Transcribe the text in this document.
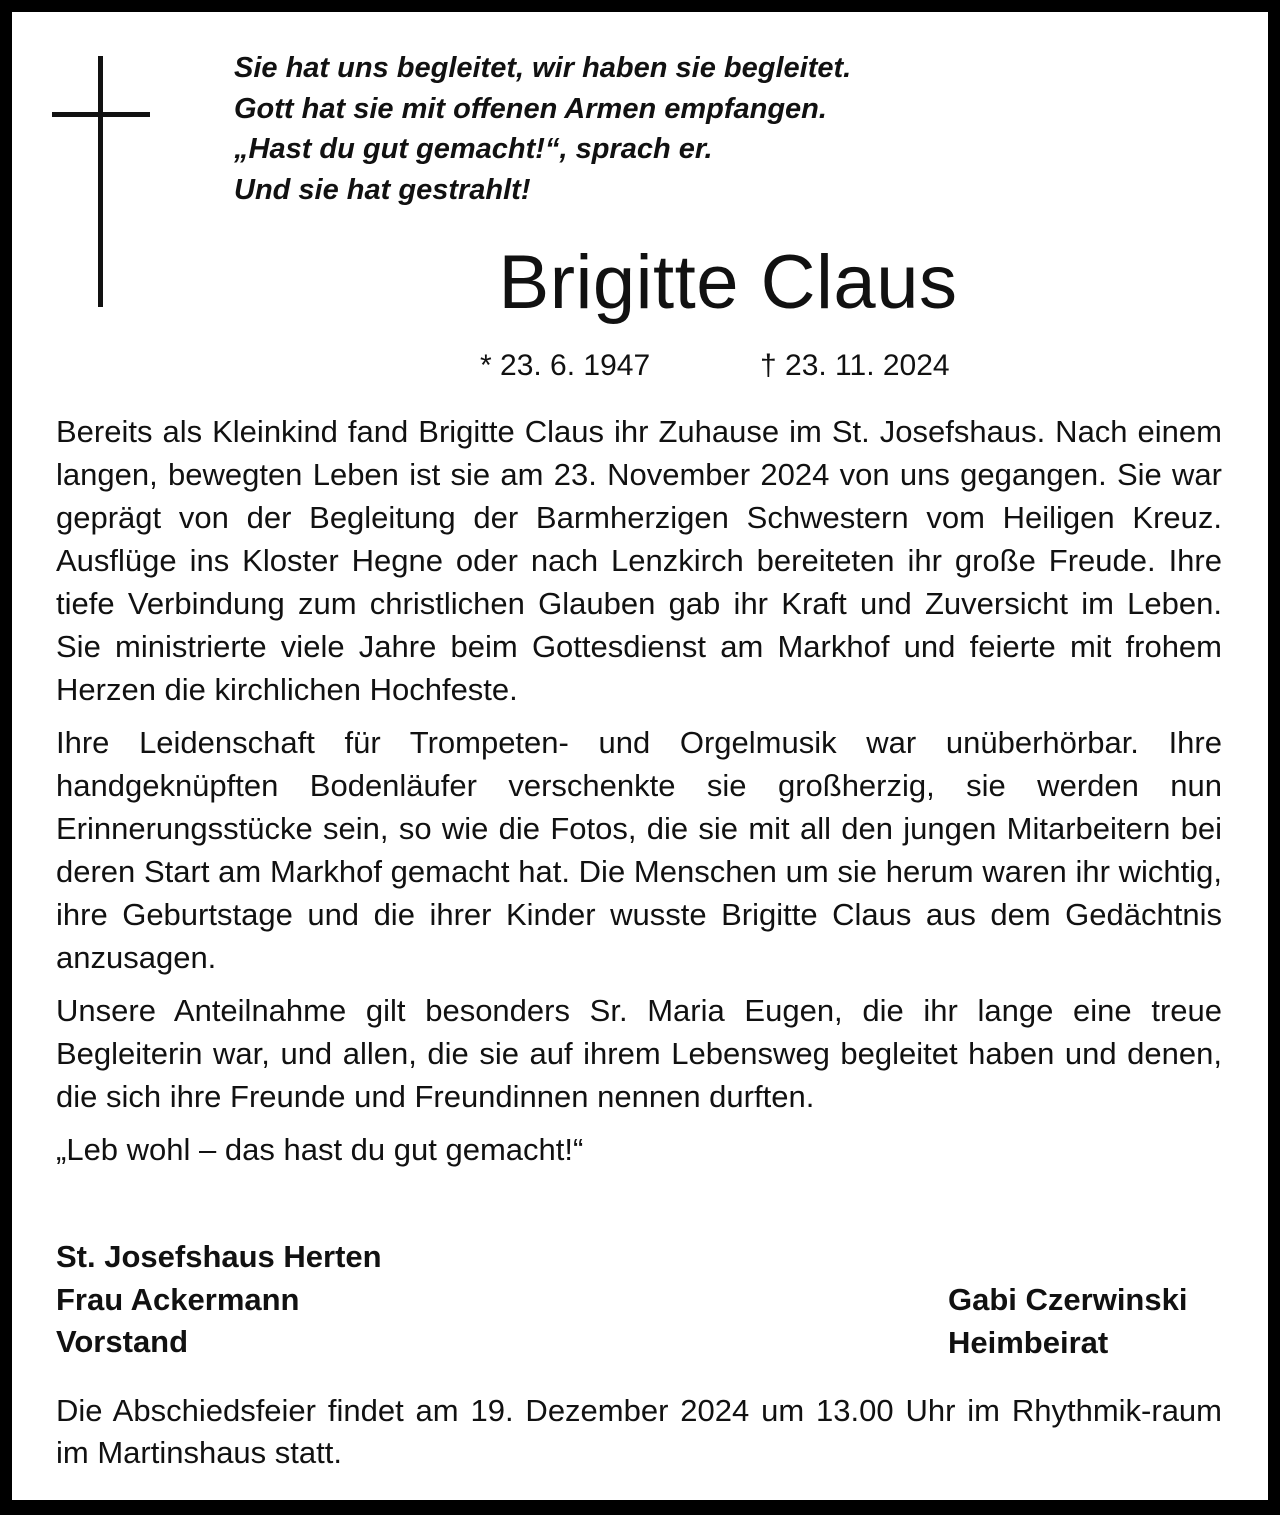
Sie hat uns begleitet, wir haben sie begleitet.
Gott hat sie mit offenen Armen empfangen.
„Hast du gut gemacht!“, sprach er.
Und sie hat gestrahlt!
Brigitte Claus
* 23. 6. 1947	† 23. 11. 2024

Bereits als Kleinkind fand Brigitte Claus ihr Zuhause im St. Josefshaus. Nach einem langen, bewegten Leben ist sie am 23. November 2024 von uns gegangen. Sie war geprägt von der Begleitung der Barmherzigen Schwestern vom Heiligen Kreuz. Ausflüge ins Kloster Hegne oder nach Lenzkirch bereiteten ihr große Freude. Ihre tiefe Verbindung zum christlichen Glauben gab ihr Kraft und Zuversicht im Leben. Sie ministrierte viele Jahre beim Gottesdienst am Markhof und feierte mit frohem Herzen die kirchlichen Hochfeste.

Ihre Leidenschaft für Trompeten- und Orgelmusik war unüberhörbar. Ihre handgeknüpften Bodenläufer verschenkte sie großherzig, sie werden nun Erinnerungsstücke sein, so wie die Fotos, die sie mit all den jungen Mitarbeitern bei deren Start am Markhof gemacht hat. Die Menschen um sie herum waren ihr wichtig, ihre Geburtstage und die ihrer Kinder wusste Brigitte Claus aus dem Gedächtnis anzusagen.

Unsere Anteilnahme gilt besonders Sr. Maria Eugen, die ihr lange eine treue Begleiterin war, und allen, die sie auf ihrem Lebensweg begleitet haben und denen, die sich ihre Freunde und Freundinnen nennen durften.

„Leb wohl – das hast du gut gemacht!“

St. Josefshaus Herten
Frau Ackermann
Vorstand
Gabi Czerwinski
Heimbeirat
Die Abschiedsfeier findet am 19. Dezember 2024 um 13.00 Uhr im Rhythmik-raum im Martinshaus statt.
